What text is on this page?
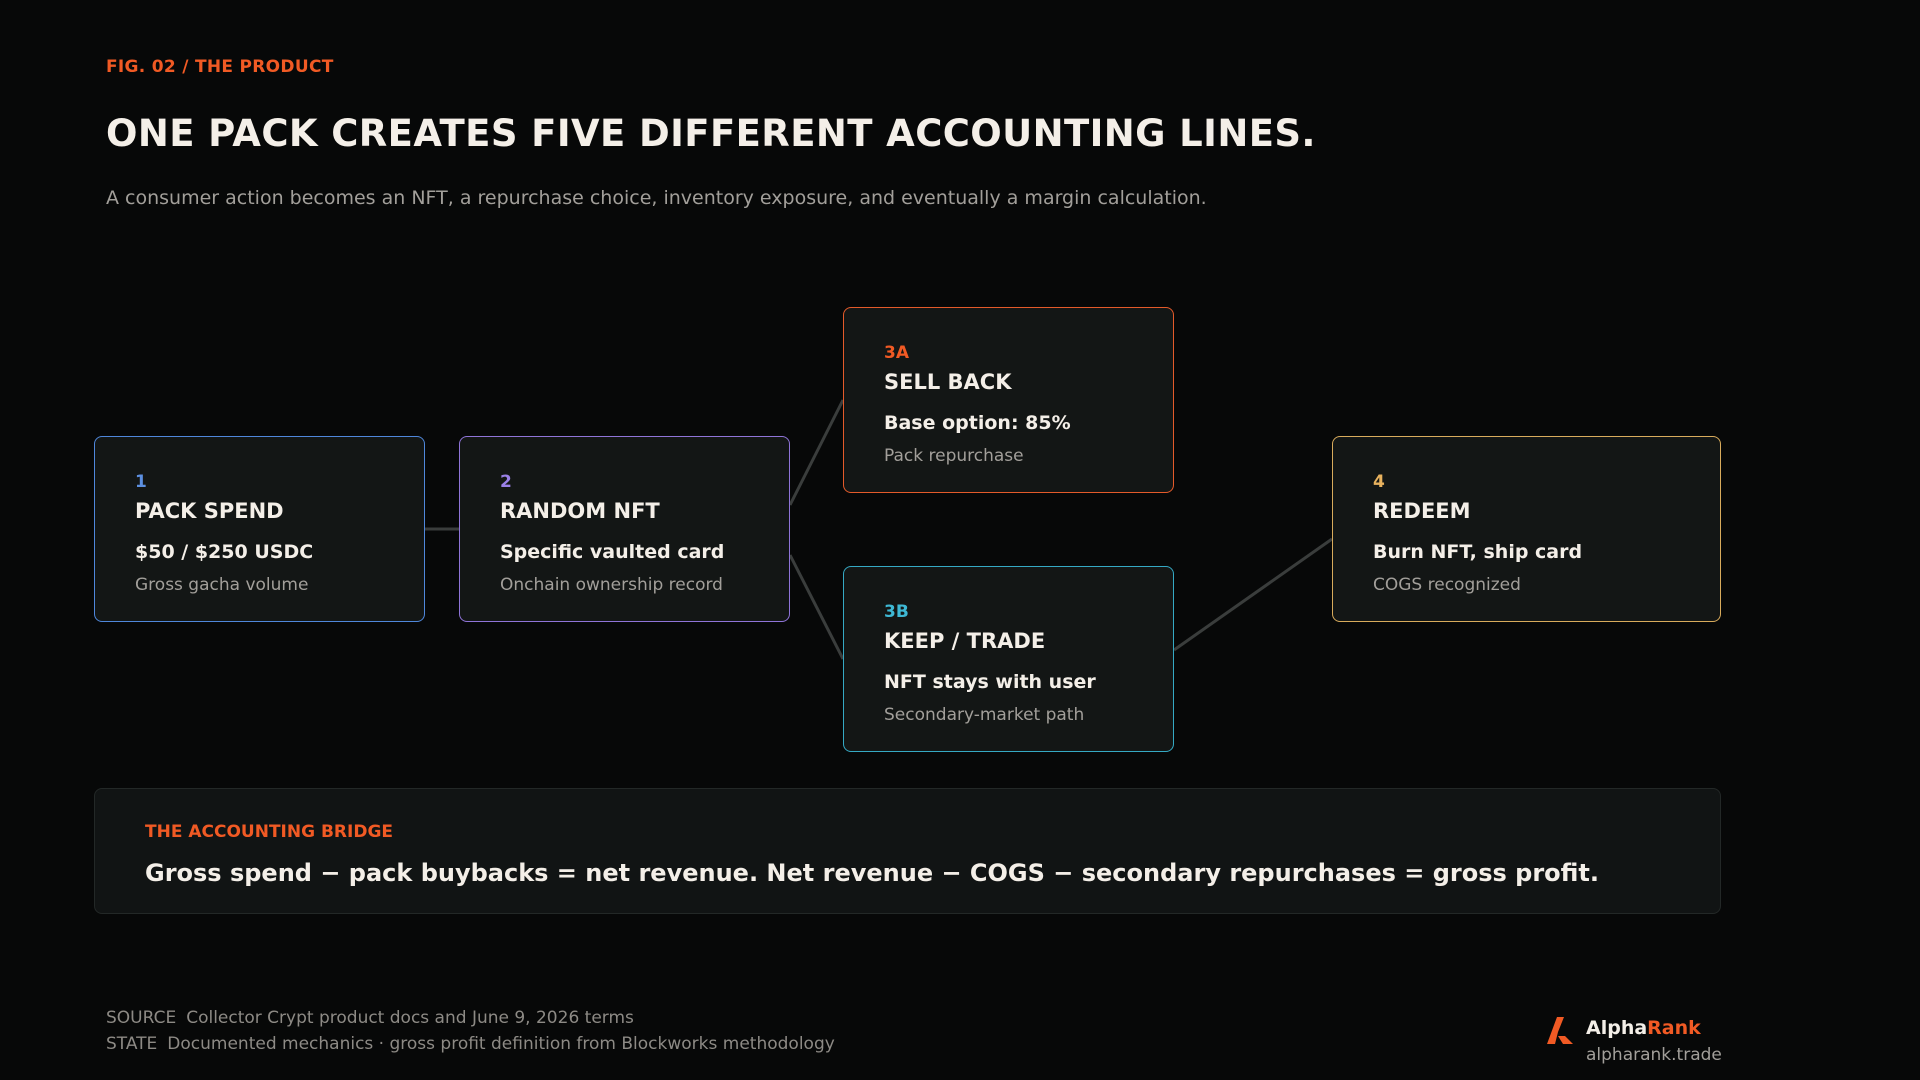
FIG. 02 / THE PRODUCT
ONE PACK CREATES FIVE DIFFERENT ACCOUNTING LINES.
A consumer action becomes an NFT, a repurchase choice, inventory exposure, and eventually a margin calculation.
1
PACK SPEND
$50 / $250 USDC
Gross gacha volume
2
RANDOM NFT
Specific vaulted card
Onchain ownership record
3A
SELL BACK
Base option: 85%
Pack repurchase
3B
KEEP / TRADE
NFT stays with user
Secondary-market path
4
REDEEM
Burn NFT, ship card
COGS recognized
THE ACCOUNTING BRIDGE
Gross spend − pack buybacks = net revenue. Net revenue − COGS − secondary repurchases = gross profit.
SOURCE Collector Crypt product docs and June 9, 2026 terms
STATE Documented mechanics · gross profit definition from Blockworks methodology
AlphaRank
alpharank.trade
